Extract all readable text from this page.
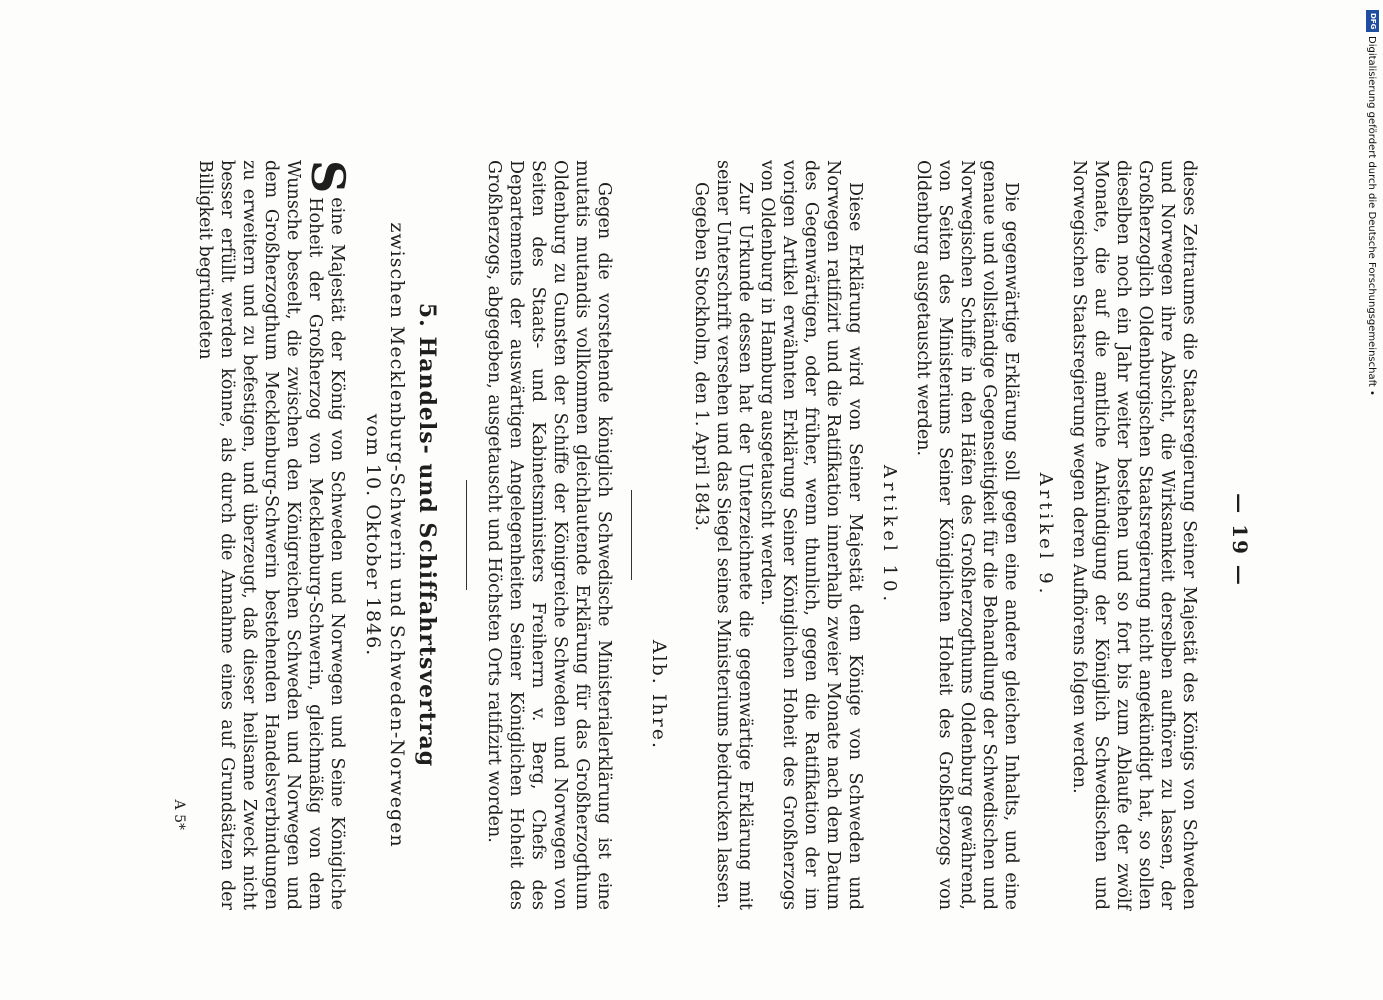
— 19 —

dieses Zeitraumes die Staatsregierung Seiner Majestät des Königs von Schweden und Norwegen ihre Absicht, die Wirksamkeit derselben aufhören zu lassen, der Großherzoglich Oldenburgischen Staatsregierung nicht angekündigt hat, so sollen dieselben noch ein Jahr weiter bestehen und so fort bis zum Ablaufe der zwölf Monate, die auf die amtliche Ankündigung der Königlich Schwedischen und Norwegischen Staatsregierung wegen deren Aufhörens folgen werden.

Artikel 9.

Die gegenwärtige Erklärung soll gegen eine andere gleichen Inhalts, und eine genaue und vollständige Gegenseitigkeit für die Behandlung der Schwedischen und Norwegischen Schiffe in den Häfen des Großherzogthums Oldenburg gewährend, von Seiten des Ministeriums Seiner Königlichen Hoheit des Großherzogs von Oldenburg ausgetauscht werden.

Artikel 10.

Diese Erklärung wird von Seiner Majestät dem Könige von Schweden und Norwegen ratifizirt und die Ratifikation innerhalb zweier Monate nach dem Datum des Gegenwärtigen, oder früher, wenn thunlich, gegen die Ratifikation der im vorigen Artikel erwähnten Erklärung Seiner Königlichen Hoheit des Großherzogs von Oldenburg in Hamburg ausgetauscht werden.

Zur Urkunde dessen hat der Unterzeichnete die gegenwärtige Erklärung mit seiner Unterschrift versehen und das Siegel seines Ministeriums beidrucken lassen.

Gegeben Stockholm, den 1. April 1843.

Alb. Ihre.

Gegen die vorstehende königlich Schwedische Ministerialerklärung ist eine mutatis mutandis vollkommen gleichlautende Erklärung für das Großherzogthum Oldenburg zu Gunsten der Schiffe der Königreiche Schweden und Norwegen von Seiten des Staats- und Kabinetsministers Freiherrn v. Berg, Chefs des Departements der auswärtigen Angelegenheiten Seiner Königlichen Hoheit des Großherzogs, abgegeben, ausgetauscht und Höchsten Orts ratifizirt worden.

5. Handels- und Schiffahrtsvertrag
zwischen Mecklenburg-Schwerin und Schweden-Norwegen
vom 10. Oktober 1846.

S
eine Majestät der König von Schweden und Norwegen und Seine Königliche Hoheit der Großherzog von Mecklenburg-Schwerin, gleichmäßig von dem Wunsche beseelt, die zwischen den Königreichen Schweden und Norwegen und dem Großherzogthum Mecklenburg-Schwerin bestehenden Handelsverbindungen zu erweitern und zu befestigen, und überzeugt, daß dieser heilsame Zweck nicht besser erfüllt werden könne, als durch die Annahme eines auf Grundsätzen der Billigkeit begründeten

A 5*
DFG
Digitalisierung gefördert durch die Deutsche Forschungsgemeinschaft •
